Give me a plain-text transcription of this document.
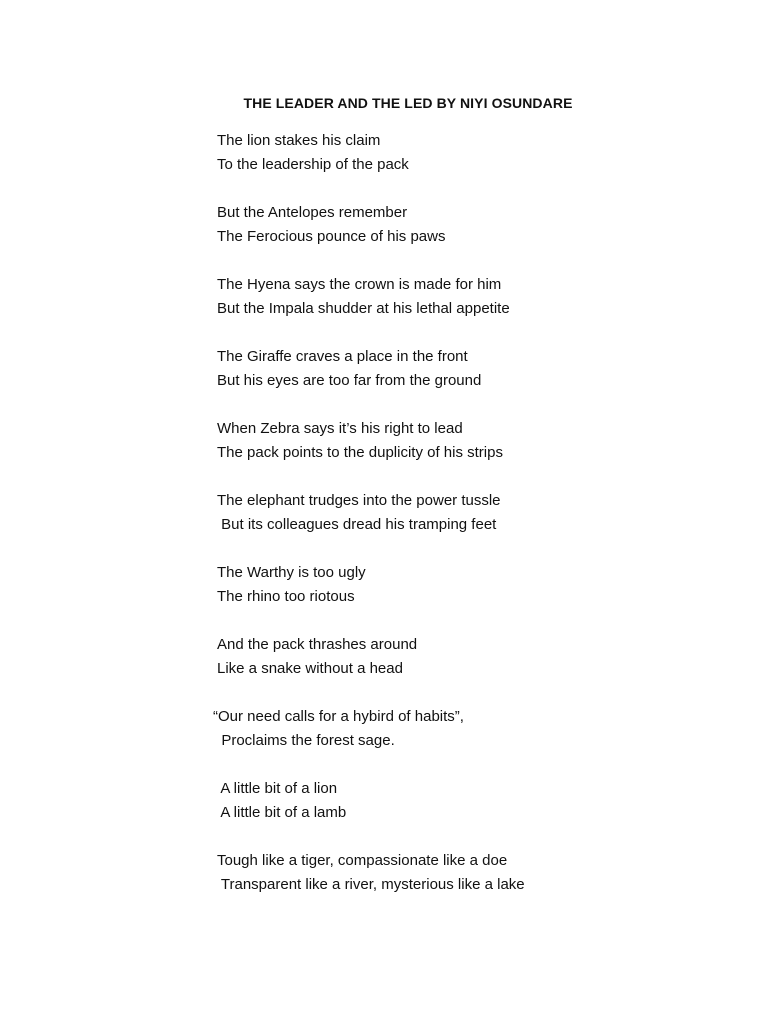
THE LEADER AND THE LED BY NIYI OSUNDARE
The lion stakes his claim
To the leadership of the pack
But the Antelopes remember
The Ferocious pounce of his paws
The Hyena says the crown is made for him
But the Impala shudder at his lethal appetite
The Giraffe craves a place in the front
But his eyes are too far from the ground
When Zebra says it’s his right to lead
The pack points to the duplicity of his strips
The elephant trudges into the power tussle
But its colleagues dread his tramping feet
The Warthy is too ugly
The rhino too riotous
And the pack thrashes around
Like a snake without a head
“Our need calls for a hybird of habits”,
Proclaims the forest sage.
A little bit of a lion
A little bit of a lamb
Tough like a tiger, compassionate like a doe
Transparent like a river, mysterious like a lake
